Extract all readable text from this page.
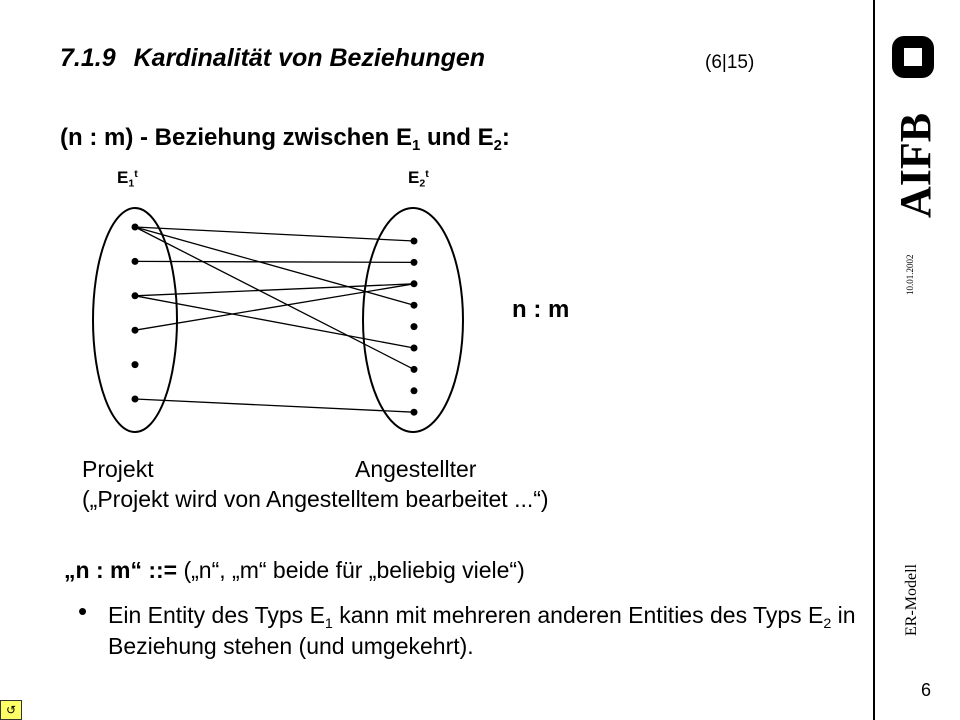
7.1.9 Kardinalität von Beziehungen	(6|15)
(n : m) - Beziehung zwischen $E_1$ und $E_2$:
$E_1^t$	$E_2^t$
n : m
Projekt	Angestellter
(„Projekt wird von Angestelltem bearbeitet ...“)
„n : m“ ::= („n“, „m“ beide für „beliebig viele“)
• Ein Entity des Typs $E_1$ kann mit mehreren anderen Entities des Typs $E_2$ in Beziehung stehen (und umgekehrt).
AIFB
10.01.2002
ER-Modell
6
↺
